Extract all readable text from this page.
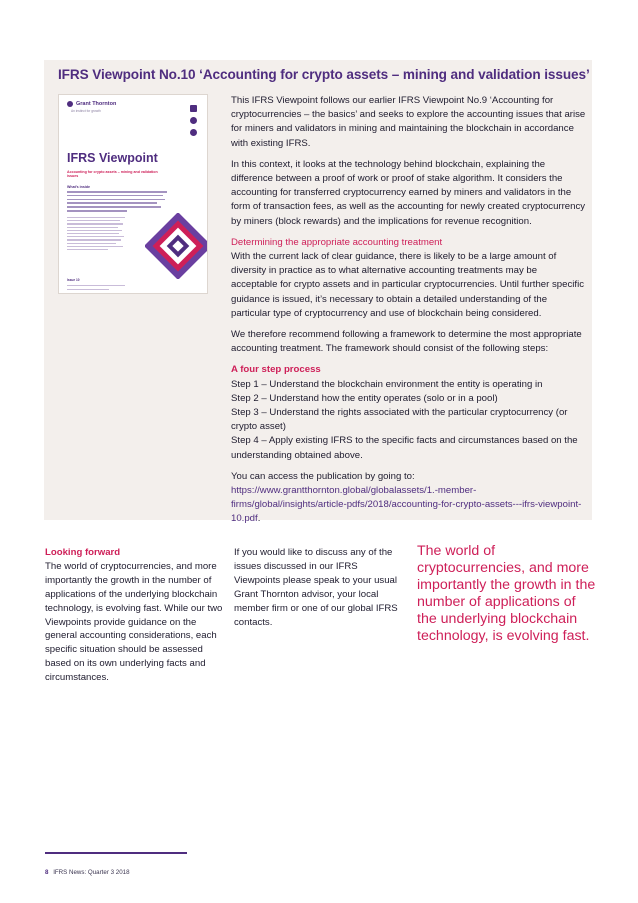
IFRS Viewpoint No.10 ‘Accounting for crypto assets – mining and validation issues’
Grant Thornton
An instinct for growth
IFRS Viewpoint
Accounting for crypto assets – mining and validation issues
What’s inside
Issue 10

This IFRS Viewpoint follows our earlier IFRS Viewpoint No.9 ‘Accounting for cryptocurrencies – the basics’ and seeks to explore the accounting issues that arise for miners and validators in mining and maintaining the blockchain in accordance with existing IFRS.

In this context, it looks at the technology behind blockchain, explaining the difference between a proof of work or proof of stake algorithm. It considers the accounting for transferred cryptocurrency earned by miners and validators in the form of transaction fees, as well as the accounting for newly created cryptocurrency by miners (block rewards) and the implications for revenue recognition.

Determining the appropriate accounting treatment
With the current lack of clear guidance, there is likely to be a large amount of diversity in practice as to what alternative accounting treatments may be acceptable for crypto assets and in particular cryptocurrencies. Until further specific guidance is issued, it’s necessary to obtain a detailed understanding of the particular type of cryptocurrency and use of blockchain being considered.

We therefore recommend following a framework to determine the most appropriate accounting treatment. The framework should consist of the following steps:

A four step process
Step 1 – Understand the blockchain environment the entity is operating in
Step 2 – Understand how the entity operates (solo or in a pool)
Step 3 – Understand the rights associated with the particular cryptocurrency (or crypto asset)
Step 4 – Apply existing IFRS to the specific facts and circumstances based on the understanding obtained above.

You can access the publication by going to: https://www.grantthornton.global/globalassets/1.-member-firms/global/insights/article-pdfs/2018/accounting-for-crypto-assets---ifrs-viewpoint-10.pdf.

Looking forward
The world of cryptocurrencies, and more importantly the growth in the number of applications of the underlying blockchain technology, is evolving fast. While our two Viewpoints provide guidance on the general accounting considerations, each specific situation should be assessed based on its own underlying facts and circumstances.
If you would like to discuss any of the issues discussed in our IFRS Viewpoints please speak to your usual Grant Thornton advisor, your local member firm or one of our global IFRS contacts.
The world of cryptocurrencies, and more importantly the growth in the number of applications of the underlying blockchain technology, is evolving fast.
8 IFRS News: Quarter 3 2018
